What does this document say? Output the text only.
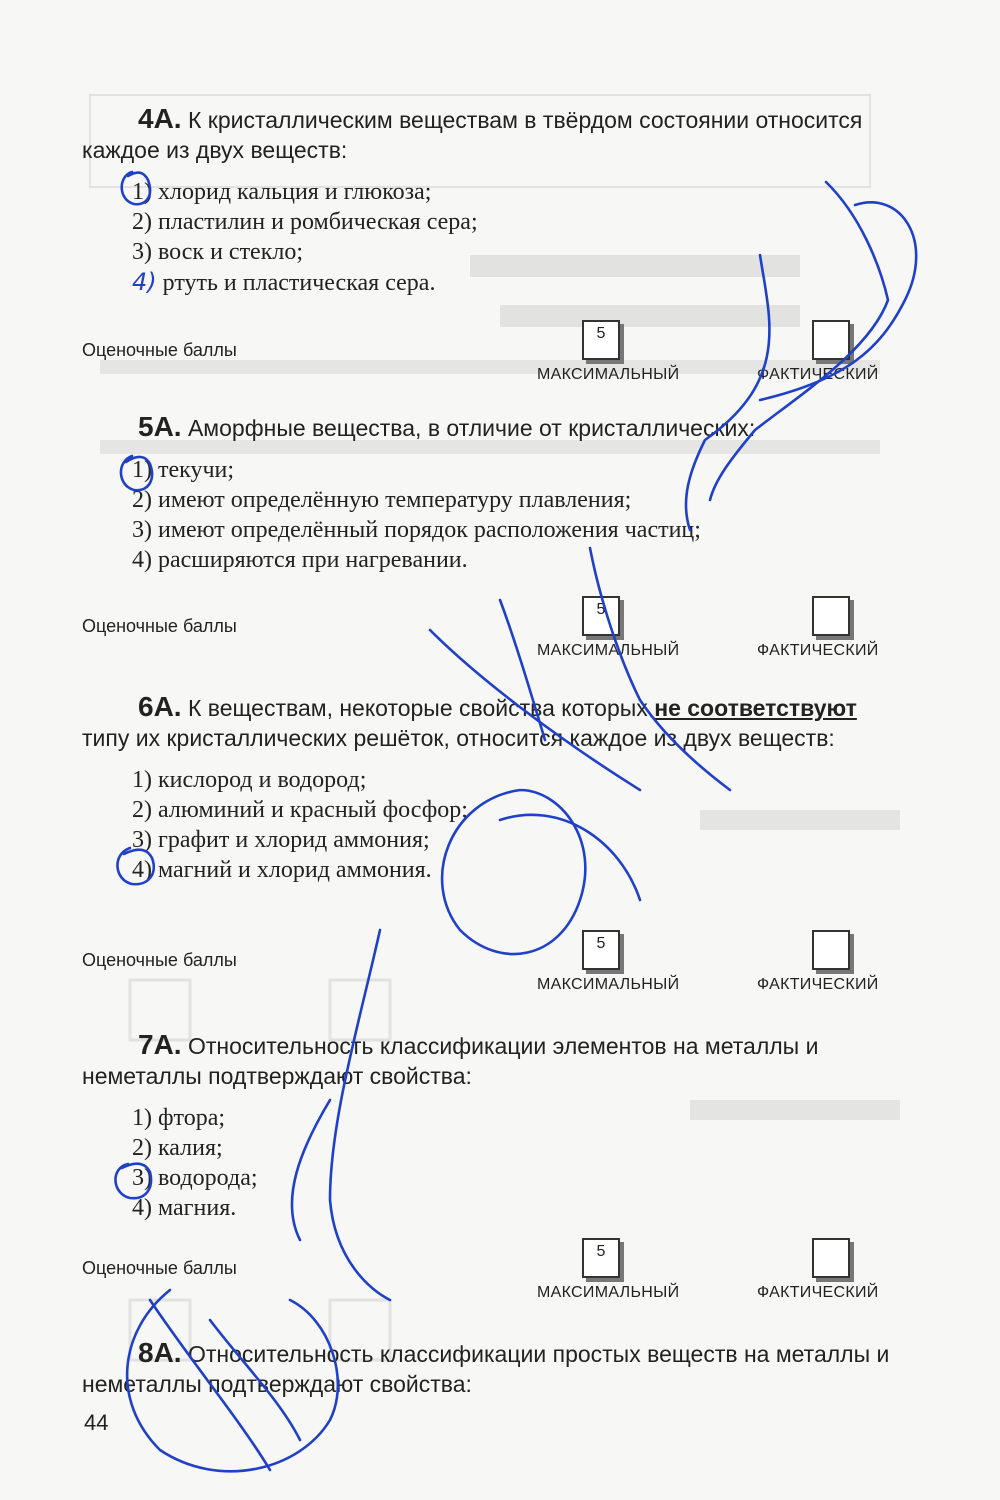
4А. К кристаллическим веществам в твёрдом состоянии относится каждое из двух веществ:

1) хлорид кальция и глюкоза;
2) пластилин и ромбическая сера;
3) воск и стекло;
4) ртуть и пластическая сера.
Оценочные баллы
5
МАКСИМАЛЬНЫЙ	ФАКТИЧЕСКИЙ

5А. Аморфные вещества, в отличие от кристаллических:

1) текучи;
2) имеют определённую температуру плавления;
3) имеют определённый порядок расположения частиц;
4) расширяются при нагревании.
Оценочные баллы
5
МАКСИМАЛЬНЫЙ	ФАКТИЧЕСКИЙ

6А. К веществам, некоторые свойства которых не соответствуют типу их кристаллических решёток, относится каждое из двух веществ:

1) кислород и водород;
2) алюминий и красный фосфор;
3) графит и хлорид аммония;
4) магний и хлорид аммония.
Оценочные баллы
5
МАКСИМАЛЬНЫЙ	ФАКТИЧЕСКИЙ

7А. Относительность классификации элементов на металлы и неметаллы подтверждают свойства:

1) фтора;
2) калия;
3) водорода;
4) магния.
Оценочные баллы
5
МАКСИМАЛЬНЫЙ	ФАКТИЧЕСКИЙ

8А. Относительность классификации простых веществ на металлы и неметаллы подтверждают свойства:

44
